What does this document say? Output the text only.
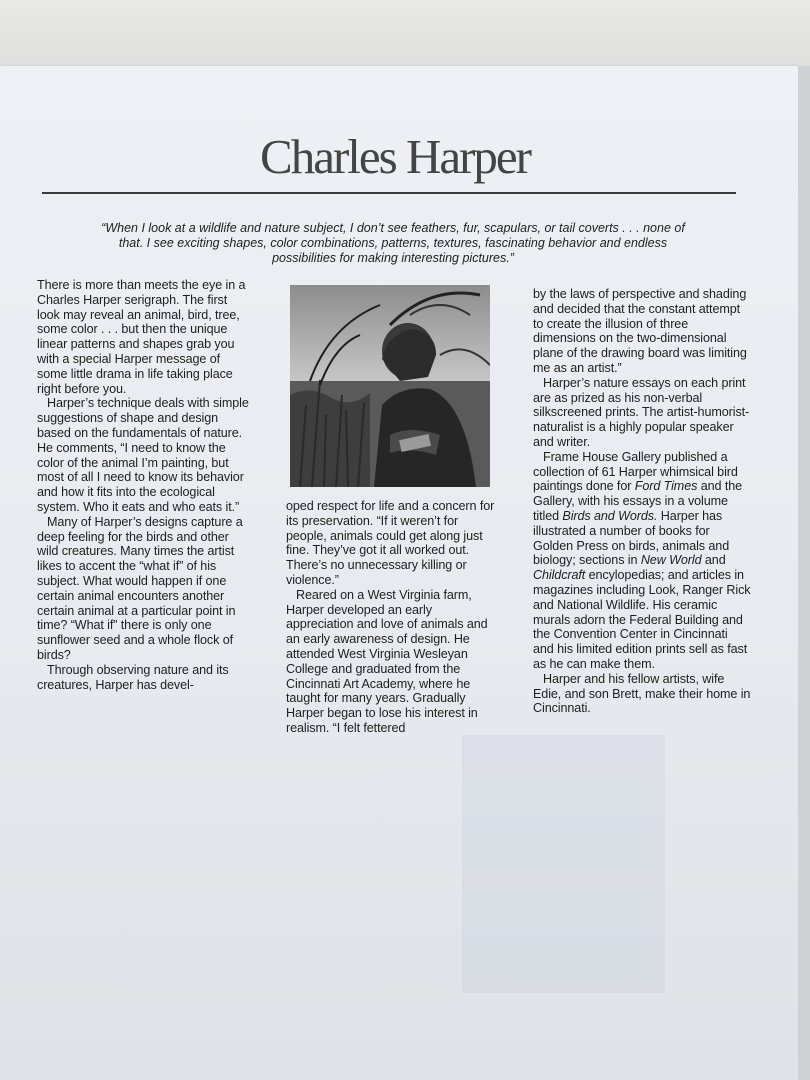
Charles Harper

“When I look at a wildlife and nature subject, I don’t see feathers, fur, scapulars, or tail coverts . . . none of that. I see exciting shapes, color combinations, patterns, textures, fascinating behavior and endless possibilities for making interesting pictures.”

There is more than meets the eye in a Charles Harper serigraph. The first look may reveal an animal, bird, tree, some color . . . but then the unique linear patterns and shapes grab you with a special Harper message of some little drama in life taking place right before you.

Harper’s technique deals with simple suggestions of shape and design based on the fundamentals of nature. He comments, “I need to know the color of the animal I’m painting, but most of all I need to know its behavior and how it fits into the ecological system. Who it eats and who eats it.”

Many of Harper’s designs capture a deep feeling for the birds and other wild creatures. Many times the artist likes to accent the “what if” of his subject. What would happen if one certain animal encounters another certain animal at a particular point in time? “What if” there is only one sunflower seed and a whole flock of birds?

Through observing nature and its creatures, Harper has devel-

oped respect for life and a concern for its preservation. “If it weren’t for people, animals could get along just fine. They’ve got it all worked out. There’s no unnecessary killing or violence.”

Reared on a West Virginia farm, Harper developed an early appreciation and love of animals and an early awareness of design. He attended West Virginia Wesleyan College and graduated from the Cincinnati Art Academy, where he taught for many years. Gradually Harper began to lose his interest in realism. “I felt fettered

by the laws of perspective and shading and decided that the constant attempt to create the illusion of three dimensions on the two-dimensional plane of the drawing board was limiting me as an artist.”

Harper’s nature essays on each print are as prized as his non-verbal silkscreened prints. The artist-humorist-naturalist is a highly popular speaker and writer.

Frame House Gallery published a collection of 61 Harper whimsical bird paintings done for Ford Times and the Gallery, with his essays in a volume titled Birds and Words. Harper has illustrated a number of books for Golden Press on birds, animals and biology; sections in New World and Childcraft encylopedias; and articles in magazines including Look, Ranger Rick and National Wildlife. His ceramic murals adorn the Federal Building and the Convention Center in Cincinnati and his limited edition prints sell as fast as he can make them.

Harper and his fellow artists, wife Edie, and son Brett, make their home in Cincinnati.
